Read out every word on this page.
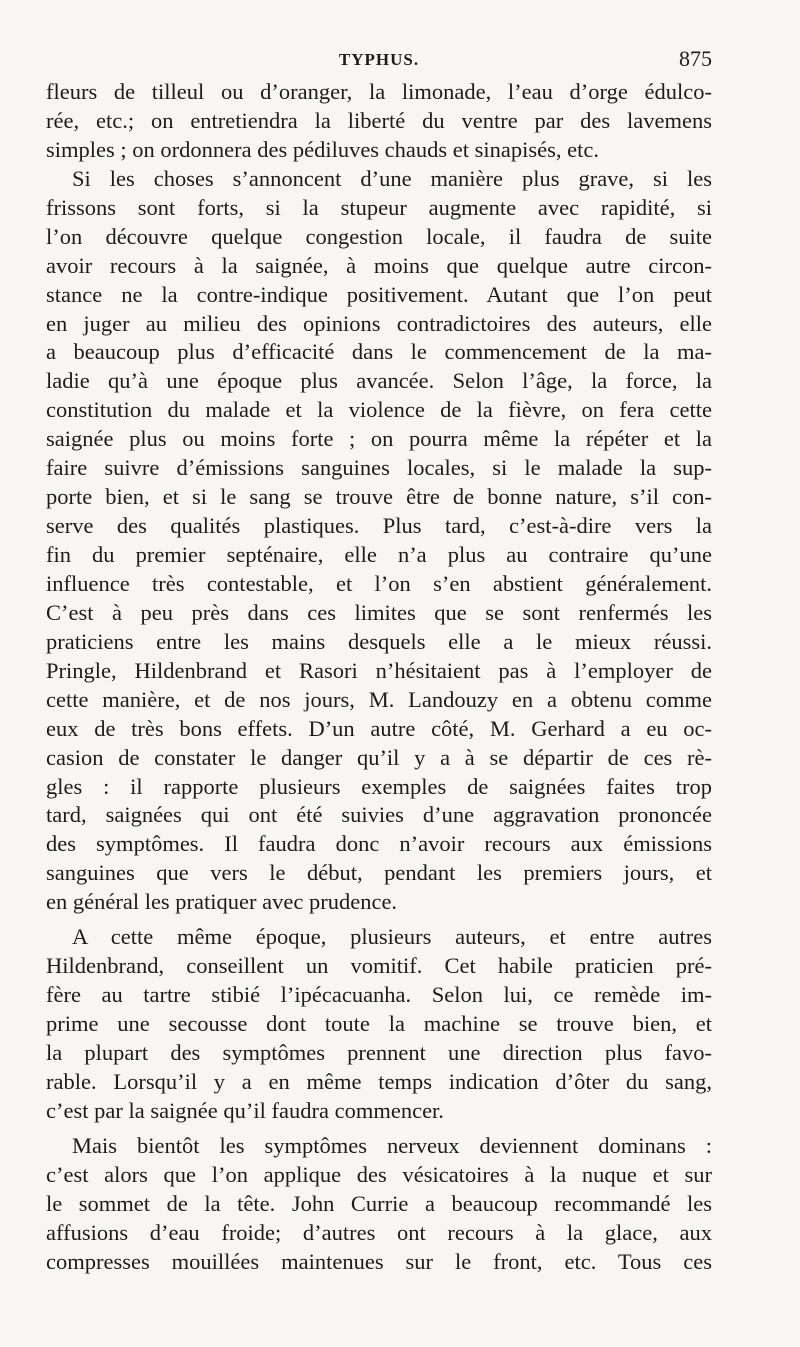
TYPHUS.	875
fleurs de tilleul ou d’oranger, la limonade, l’eau d’orge édulco-
rée, etc.; on entretiendra la liberté du ventre par des lavemens
simples ; on ordonnera des pédiluves chauds et sinapisés, etc.
Si les choses s’annoncent d’une manière plus grave, si les
frissons sont forts, si la stupeur augmente avec rapidité, si
l’on découvre quelque congestion locale, il faudra de suite
avoir recours à la saignée, à moins que quelque autre circon-
stance ne la contre-indique positivement. Autant que l’on peut
en juger au milieu des opinions contradictoires des auteurs, elle
a beaucoup plus d’efficacité dans le commencement de la ma-
ladie qu’à une époque plus avancée. Selon l’âge, la force, la
constitution du malade et la violence de la fièvre, on fera cette
saignée plus ou moins forte ; on pourra même la répéter et la
faire suivre d’émissions sanguines locales, si le malade la sup-
porte bien, et si le sang se trouve être de bonne nature, s’il con-
serve des qualités plastiques. Plus tard, c’est-à-dire vers la
fin du premier septénaire, elle n’a plus au contraire qu’une
influence très contestable, et l’on s’en abstient généralement.
C’est à peu près dans ces limites que se sont renfermés les
praticiens entre les mains desquels elle a le mieux réussi.
Pringle, Hildenbrand et Rasori n’hésitaient pas à l’employer de
cette manière, et de nos jours, M. Landouzy en a obtenu comme
eux de très bons effets. D’un autre côté, M. Gerhard a eu oc-
casion de constater le danger qu’il y a à se départir de ces rè-
gles : il rapporte plusieurs exemples de saignées faites trop
tard, saignées qui ont été suivies d’une aggravation prononcée
des symptômes. Il faudra donc n’avoir recours aux émissions
sanguines que vers le début, pendant les premiers jours, et
en général les pratiquer avec prudence.
A cette même époque, plusieurs auteurs, et entre autres
Hildenbrand, conseillent un vomitif. Cet habile praticien pré-
fère au tartre stibié l’ipécacuanha. Selon lui, ce remède im-
prime une secousse dont toute la machine se trouve bien, et
la plupart des symptômes prennent une direction plus favo-
rable. Lorsqu’il y a en même temps indication d’ôter du sang,
c’est par la saignée qu’il faudra commencer.
Mais bientôt les symptômes nerveux deviennent dominans :
c’est alors que l’on applique des vésicatoires à la nuque et sur
le sommet de la tête. John Currie a beaucoup recommandé les
affusions d’eau froide; d’autres ont recours à la glace, aux
compresses mouillées maintenues sur le front, etc. Tous ces
